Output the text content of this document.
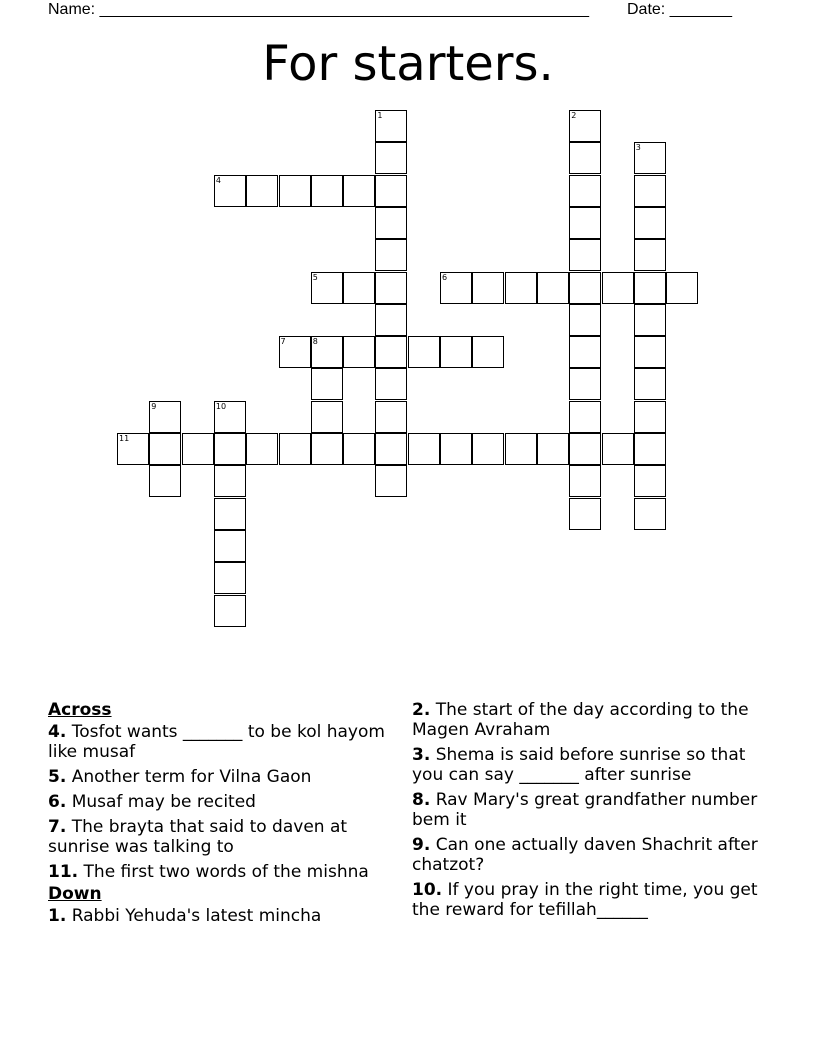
Name: _______________________________________________________ Date: _______
For starters.
1	2
3
4
5	6
7	8
9	10
11
Across
4. Tosfot wants _______ to be kol hayom like musaf
5. Another term for Vilna Gaon
6. Musaf may be recited
7. The brayta that said to daven at sunrise was talking to
11. The first two words of the mishna
Down
1. Rabbi Yehuda's latest mincha
2. The start of the day according to the Magen Avraham
3. Shema is said before sunrise so that you can say _______ after sunrise
8. Rav Mary's great grandfather number bem it
9. Can one actually daven Shachrit after chatzot?
10. If you pray in the right time, you get the reward for tefillah______
